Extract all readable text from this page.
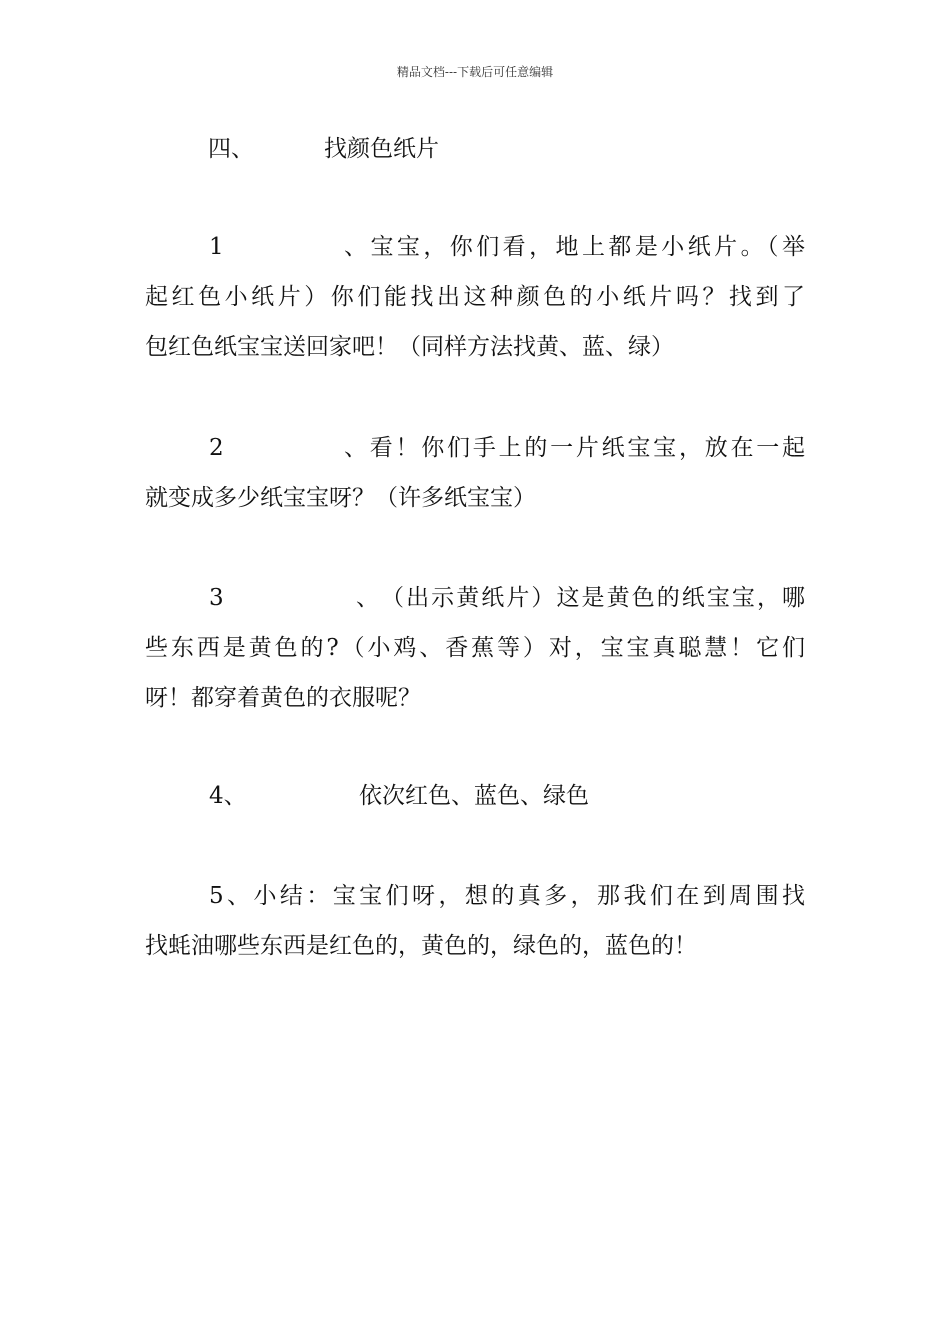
精品文档---下载后可任意编辑
四、	找颜色纸片
1、宝宝，你们看，地上都是小纸片。（举
起红色小纸片）你们能找出这种颜色的小纸片吗？找到了
包红色纸宝宝送回家吧！（同样方法找黄、蓝、绿）
2、看！你们手上的一片纸宝宝，放在一起
就变成多少纸宝宝呀？（许多纸宝宝）
3、（出示黄纸片）这是黄色的纸宝宝，哪
些东西是黄色的?（小鸡、香蕉等）对，宝宝真聪慧！它们
呀！都穿着黄色的衣服呢？
4、	依次红色、蓝色、绿色
5、小结：宝宝们呀，想的真多，那我们在到周围找
找蚝油哪些东西是红色的，黄色的，绿色的，蓝色的！
